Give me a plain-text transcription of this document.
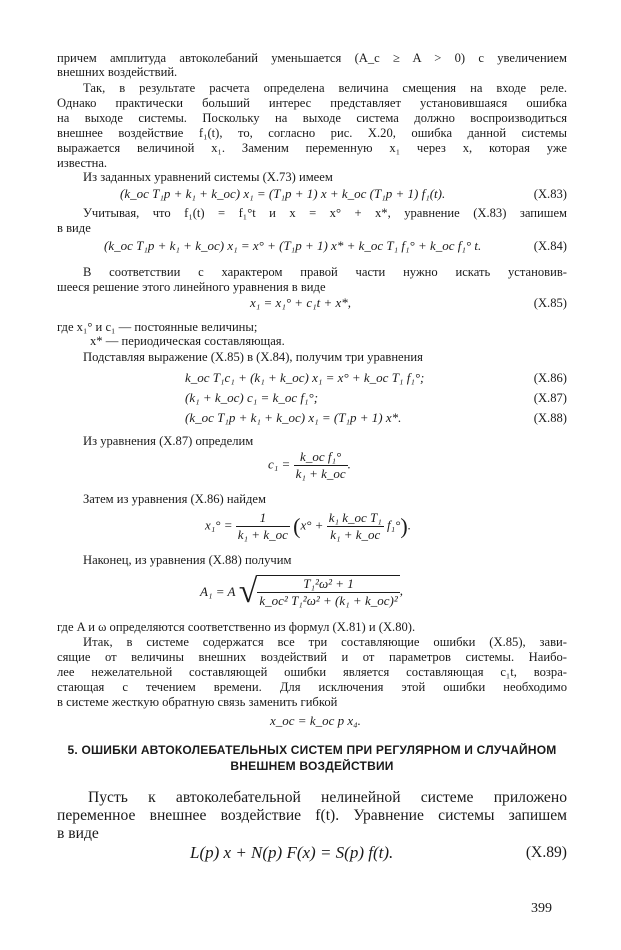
причем амплитуда автоколебаний уменьшается (A_c ≥ A > 0) с увеличением
внешних воздействий.
Так, в результате расчета определена величина смещения на входе реле.
Однако практически больший интерес представляет установившаяся ошибка
на выходе системы. Поскольку на выходе система должно воспроизводиться
внешнее воздействие f₁(t), то, согласно рис. X.20, ошибка данной системы
выражается величиной x₁. Заменим переменную x₁ через x, которая уже
известна.
Из заданных уравнений системы (X.73) имеем
(k_oc T₁p + k₁ + k_oc) x₁ = (T₁p + 1) x + k_oc (T₁p + 1) f₁(t).	(X.83)
Учитывая, что f₁(t) = f₁°t и x = x° + x*, уравнение (X.83) запишем
в виде
(k_oc T₁p + k₁ + k_oc) x₁ = x° + (T₁p + 1) x* + k_oc T₁ f₁° + k_oc f₁° t.	(X.84)
В соответствии с характером правой части нужно искать установив-
шееся решение этого линейного уравнения в виде
x₁ = x₁° + c₁t + x*,	(X.85)
где x₁° и c₁ — постоянные величины;
x* — периодическая составляющая.
Подставляя выражение (X.85) в (X.84), получим три уравнения
k_oc T₁c₁ + (k₁ + k_oc) x₁ = x° + k_oc T₁ f₁°;	(X.86)
(k₁ + k_oc) c₁ = k_oc f₁°;	(X.87)
(k_oc T₁p + k₁ + k_oc) x₁ = (T₁p + 1) x*.	(X.88)
Из уравнения (X.87) определим
$c_1 = \frac{\text{k\_oc f₁°}}{\text{k₁ + k\_oc}}$ .
Затем из уравнения (X.86) найдем
$x_1^\circ = \frac{1}{\text{k₁ + k\_oc}} (x^\circ + \frac{\text{k₁ k\_oc T₁}}{\text{k₁ + k\_oc}} f_1^\circ)$.
Наконец, из уравнения (X.88) получим
A₁ = A √ $\frac{\text{T₁²ω² + 1}}{\text{k\_oc² T₁²ω² + (k₁ + k\_oc)²}}$ ,
где A и ω определяются соответственно из формул (X.81) и (X.80).
Итак, в системе содержатся все три составляющие ошибки (X.85), зави-
сящие от величины внешних воздействий и от параметров системы. Наибо-
лее нежелательной составляющей ошибки является составляющая c₁t, возра-
стающая с течением времени. Для исключения этой ошибки необходимо
в системе жесткую обратную связь заменить гибкой
x_oc = k_oc p x₄.
5. ОШИБКИ АВТОКОЛЕБАТЕЛЬНЫХ СИСТЕМ ПРИ РЕГУЛЯРНОМ И СЛУЧАЙНОМ
ВНЕШНЕМ ВОЗДЕЙСТВИИ
Пусть к автоколебательной нелинейной системе приложено
переменное внешнее воздействие f(t). Уравнение системы запишем
в виде
L(p) x + N(p) F(x) = S(p) f(t).	(X.89)
399
